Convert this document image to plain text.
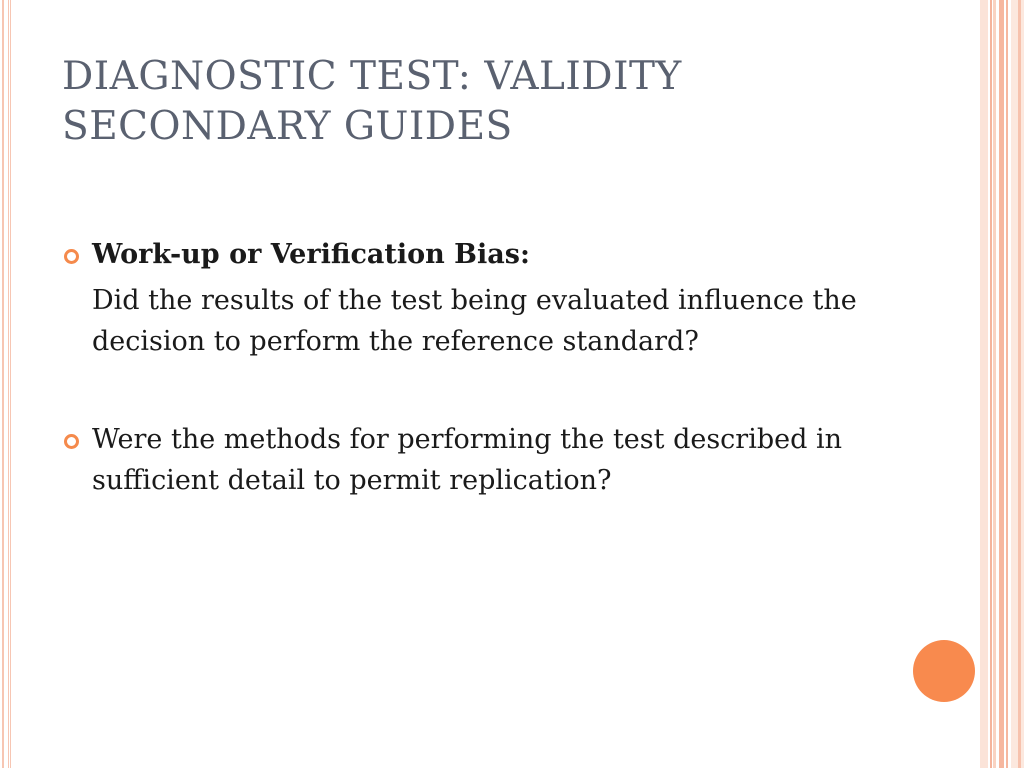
DIAGNOSTIC TEST: VALIDITY
SECONDARY GUIDES
Work-up or Verification Bias:
Did the results of the test being evaluated influence the decision to perform the reference standard?
Were the methods for performing the test described in sufficient detail to permit replication?
